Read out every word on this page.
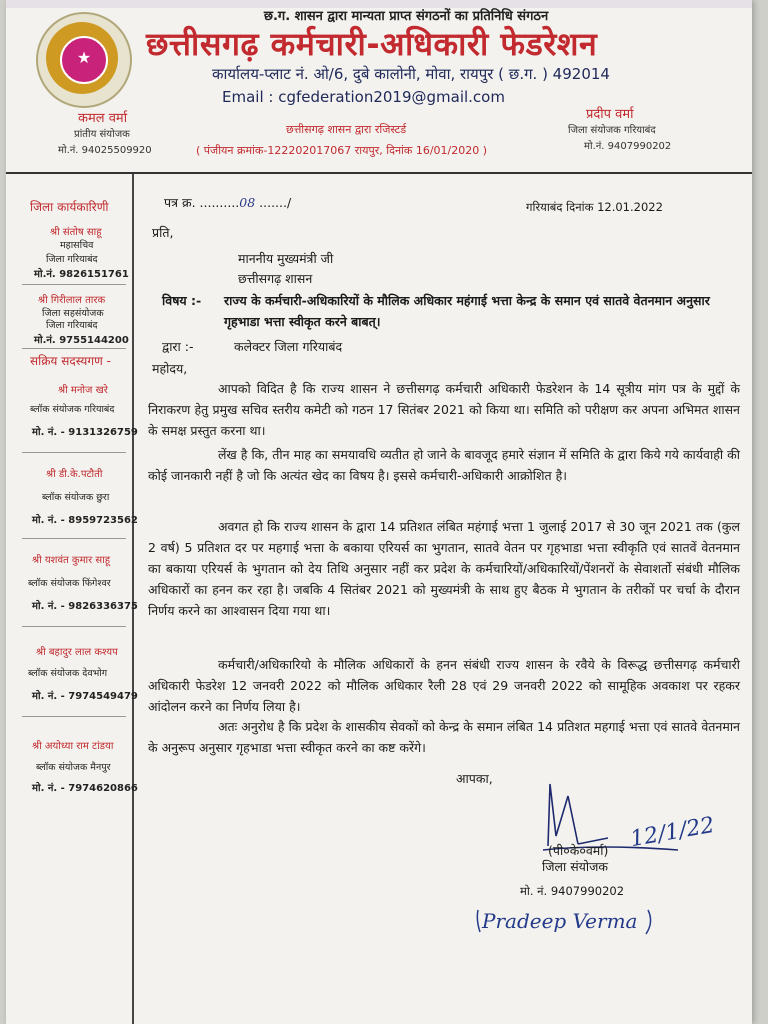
छ.ग. शासन द्वारा मान्यता प्राप्त संगठनों का प्रतिनिधि संगठन
★	छत्तीसगढ़ कर्मचारी-अधिकारी फेडरेशन
कार्यालय-प्लाट नं. ओ/6, दुबे कालोनी, मोवा, रायपुर ( छ.ग. ) 492014
Email : cgfederation2019@gmail.com
कमल वर्मा
प्रांतीय संयोजक
मो.नं. 94025509920
छत्तीसगढ़ शासन द्वारा रजिस्टर्ड
( पंजीयन क्रमांक-122202017067 रायपुर, दिनांक 16/01/2020 )
प्रदीप वर्मा
जिला संयोजक गरियाबंद
मो.नं. 9407990202
जिला कार्यकारिणी
श्री संतोष साहू
महासचिव
जिला गरियाबंद
मो.नं. 9826151761
श्री गिरीलाल तारक
जिला सहसंयोजक
जिला गरियाबंद
मो.नं. 9755144200
सक्रिय सदस्यगण -
श्री मनोज खरे
ब्लॉक संयोजक गरियाबंद
मो. नं. - 9131326759
श्री डी.के.पटौती
ब्लॉक संयोजक छुरा
मो. नं. - 8959723562
श्री यशवंत कुमार साहू
ब्लॉक संयोजक फिंगेश्वर
मो. नं. - 9826336375
श्री बहादुर लाल कश्यप
ब्लॉक संयोजक देवभोग
मो. नं. - 7974549479
श्री अयोध्या राम टांडया
ब्लॉक संयोजक मैनपुर
मो. नं. - 7974620866
पत्र क्र. ..........08 ......./	गरियाबंद दिनांक 12.01.2022
प्रति,
माननीय मुख्यमंत्री जी
छत्तीसगढ़ शासन
विषय :- राज्य के कर्मचारी-अधिकारियों के मौलिक अधिकार महंगाई भत्ता केन्द्र के समान एवं सातवे वेतनमान अनुसार गृहभाडा भत्ता स्वीकृत करने बाबत्।
द्वारा :-	कलेक्टर जिला गरियाबंद
महोदय,
आपको विदित है कि राज्य शासन ने छत्तीसगढ़ कर्मचारी अधिकारी फेडरेशन के 14 सूत्रीय मांग पत्र के मुद्दों के निराकरण हेतु प्रमुख सचिव स्तरीय कमेटी को गठन 17 सितंबर 2021 को किया था। समिति को परीक्षण कर अपना अभिमत शासन के समक्ष प्रस्तुत करना था।
लेंख है कि, तीन माह का समयावधि व्यतीत हो जाने के बावजूद हमारे संज्ञान में समिति के द्वारा किये गये कार्यवाही की कोई जानकारी नहीं है जो कि अत्यंत खेद का विषय है। इससे कर्मचारी-अधिकारी आक्रोशित है।
अवगत हो कि राज्य शासन के द्वारा 14 प्रतिशत लंबित महंगाई भत्ता 1 जुलाई 2017 से 30 जून 2021 तक (कुल 2 वर्ष) 5 प्रतिशत दर पर महगाई भत्ता के बकाया एरियर्स का भुगतान, सातवे वेतन पर गृहभाडा भत्ता स्वीकृति एवं सातवें वेतनमान का बकाया एरियर्स के भुगतान को देय तिथि अनुसार नहीं कर प्रदेश के कर्मचारियों/अधिकारियों/पेंशनरों के सेवाशर्तो संबंधी मौलिक अधिकारों का हनन कर रहा है। जबकि 4 सितंबर 2021 को मुख्यमंत्री के साथ हुए बैठक मे भुगतान के तरीकों पर चर्चा के दौरान निर्णय करने का आश्वासन दिया गया था।
कर्मचारी/अधिकारियो के मौलिक अधिकारों के हनन संबंधी राज्य शासन के रवैये के विरूद्ध छत्तीसगढ़ कर्मचारी अधिकारी फेडरेश 12 जनवरी 2022 को मौलिक अधिकार रैली 28 एवं 29 जनवरी 2022 को सामूहिक अवकाश पर रहकर आंदोलन करने का निर्णय लिया है।
अतः अनुरोध है कि प्रदेश के शासकीय सेवकों को केन्द्र के समान लंबित 14 प्रतिशत महगाई भत्ता एवं सातवे वेतनमान के अनुरूप अनुसार गृहभाडा भत्ता स्वीकृत करने का कष्ट करेंगे।
आपका,
(पी०के०वर्मा) 12/1/22
जिला संयोजक
मो. नं. 9407990202
Pradeep Verma
